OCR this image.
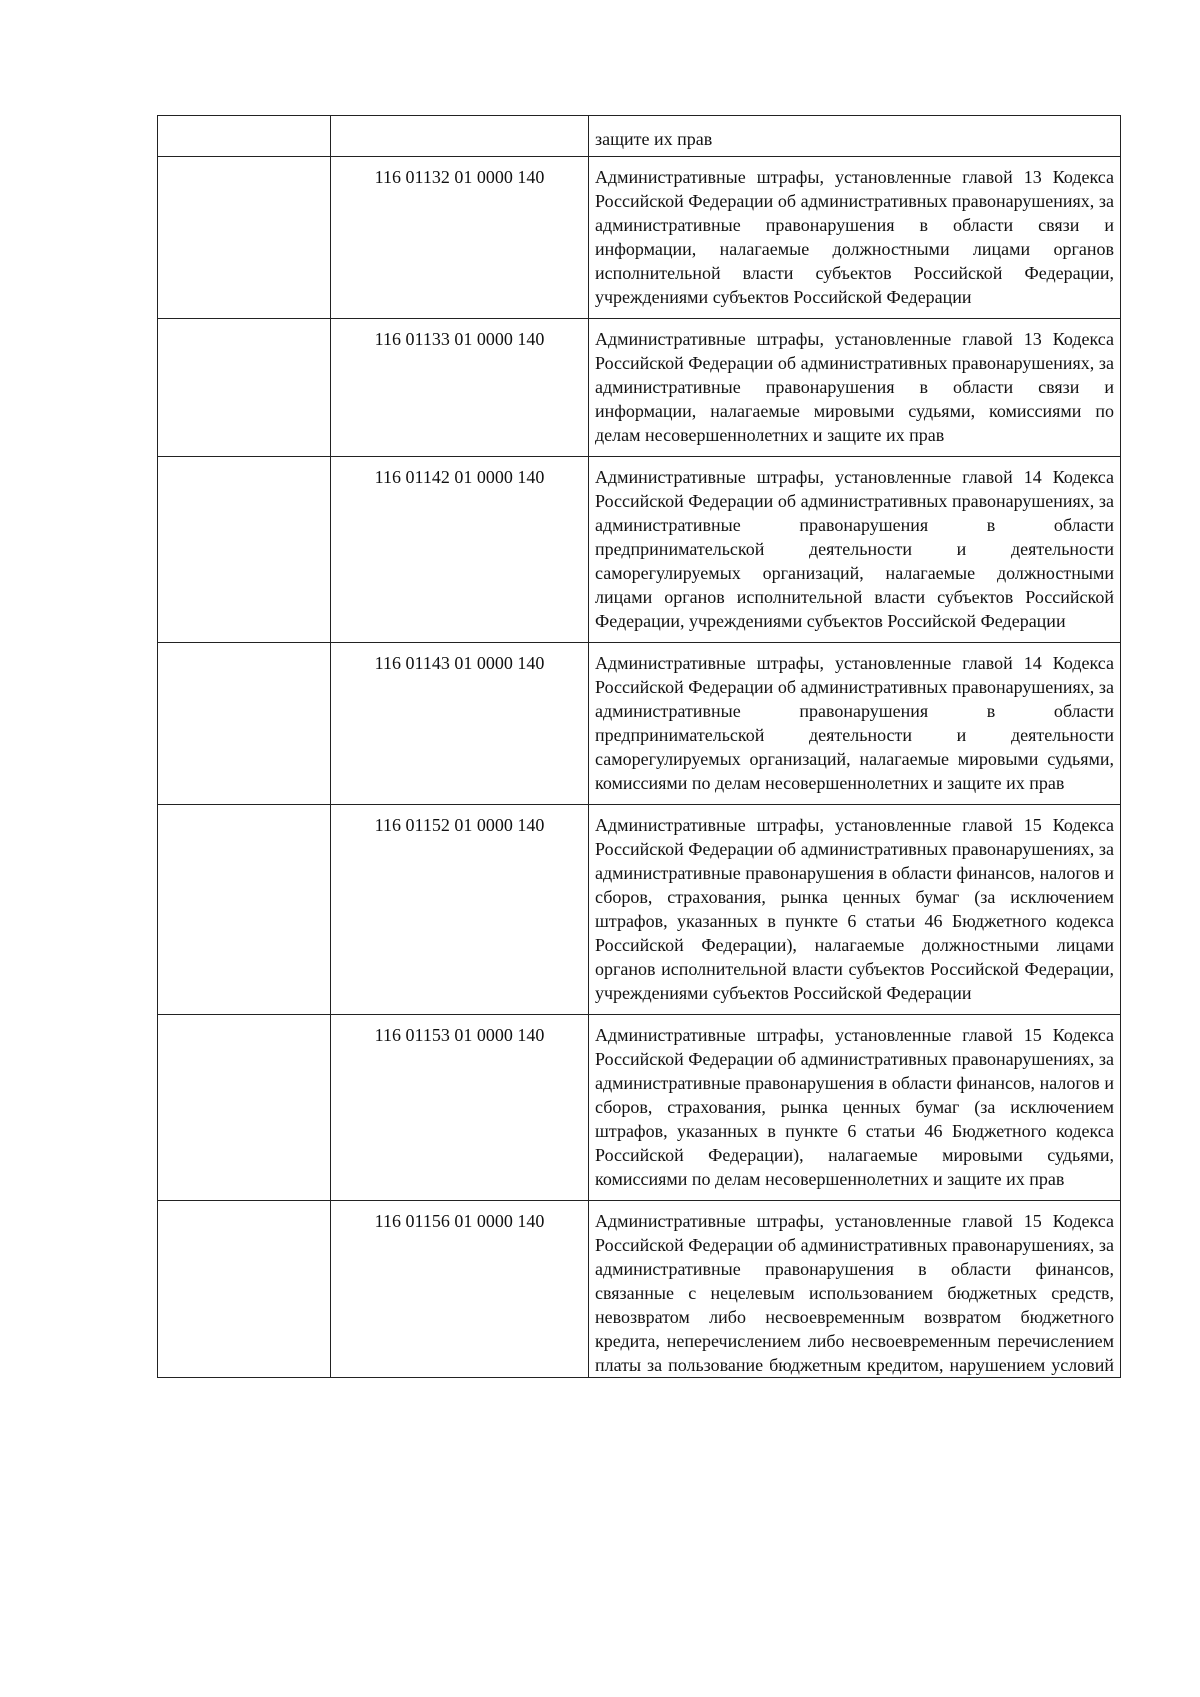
		защите их прав
	116 01132 01 0000 140	Административные штрафы, установленные главой 13 Кодекса Российской Федерации об административных правонарушениях, за административные правонарушения в области связи и информации, налагаемые должностными лицами органов исполнительной власти субъектов Российской Федерации, учреждениями субъектов Российской Федерации
	116 01133 01 0000 140	Административные штрафы, установленные главой 13 Кодекса Российской Федерации об административных правонарушениях, за административные правонарушения в области связи и информации, налагаемые мировыми судьями, комиссиями по делам несовершеннолетних и защите их прав
	116 01142 01 0000 140	Административные штрафы, установленные главой 14 Кодекса Российской Федерации об административных правонарушениях, за административные правонарушения в области предпринимательской деятельности и деятельности саморегулируемых организаций, налагаемые должностными лицами органов исполнительной власти субъектов Российской Федерации, учреждениями субъектов Российской Федерации
	116 01143 01 0000 140	Административные штрафы, установленные главой 14 Кодекса Российской Федерации об административных правонарушениях, за административные правонарушения в области предпринимательской деятельности и деятельности саморегулируемых организаций, налагаемые мировыми судьями, комиссиями по делам несовершеннолетних и защите их прав
	116 01152 01 0000 140	Административные штрафы, установленные главой 15 Кодекса Российской Федерации об административных правонарушениях, за административные правонарушения в области финансов, налогов и сборов, страхования, рынка ценных бумаг (за исключением штрафов, указанных в пункте 6 статьи 46 Бюджетного кодекса Российской Федерации), налагаемые должностными лицами органов исполнительной власти субъектов Российской Федерации, учреждениями субъектов Российской Федерации
	116 01153 01 0000 140	Административные штрафы, установленные главой 15 Кодекса Российской Федерации об административных правонарушениях, за административные правонарушения в области финансов, налогов и сборов, страхования, рынка ценных бумаг (за исключением штрафов, указанных в пункте 6 статьи 46 Бюджетного кодекса Российской Федерации), налагаемые мировыми судьями, комиссиями по делам несовершеннолетних и защите их прав
	116 01156 01 0000 140	Административные штрафы, установленные главой 15 Кодекса Российской Федерации об административных правонарушениях, за административные правонарушения в области финансов, связанные с нецелевым использованием бюджетных средств, невозвратом либо несвоевременным возвратом бюджетного кредита, неперечислением либо несвоевременным перечислением платы за пользование бюджетным кредитом, нарушением условий
